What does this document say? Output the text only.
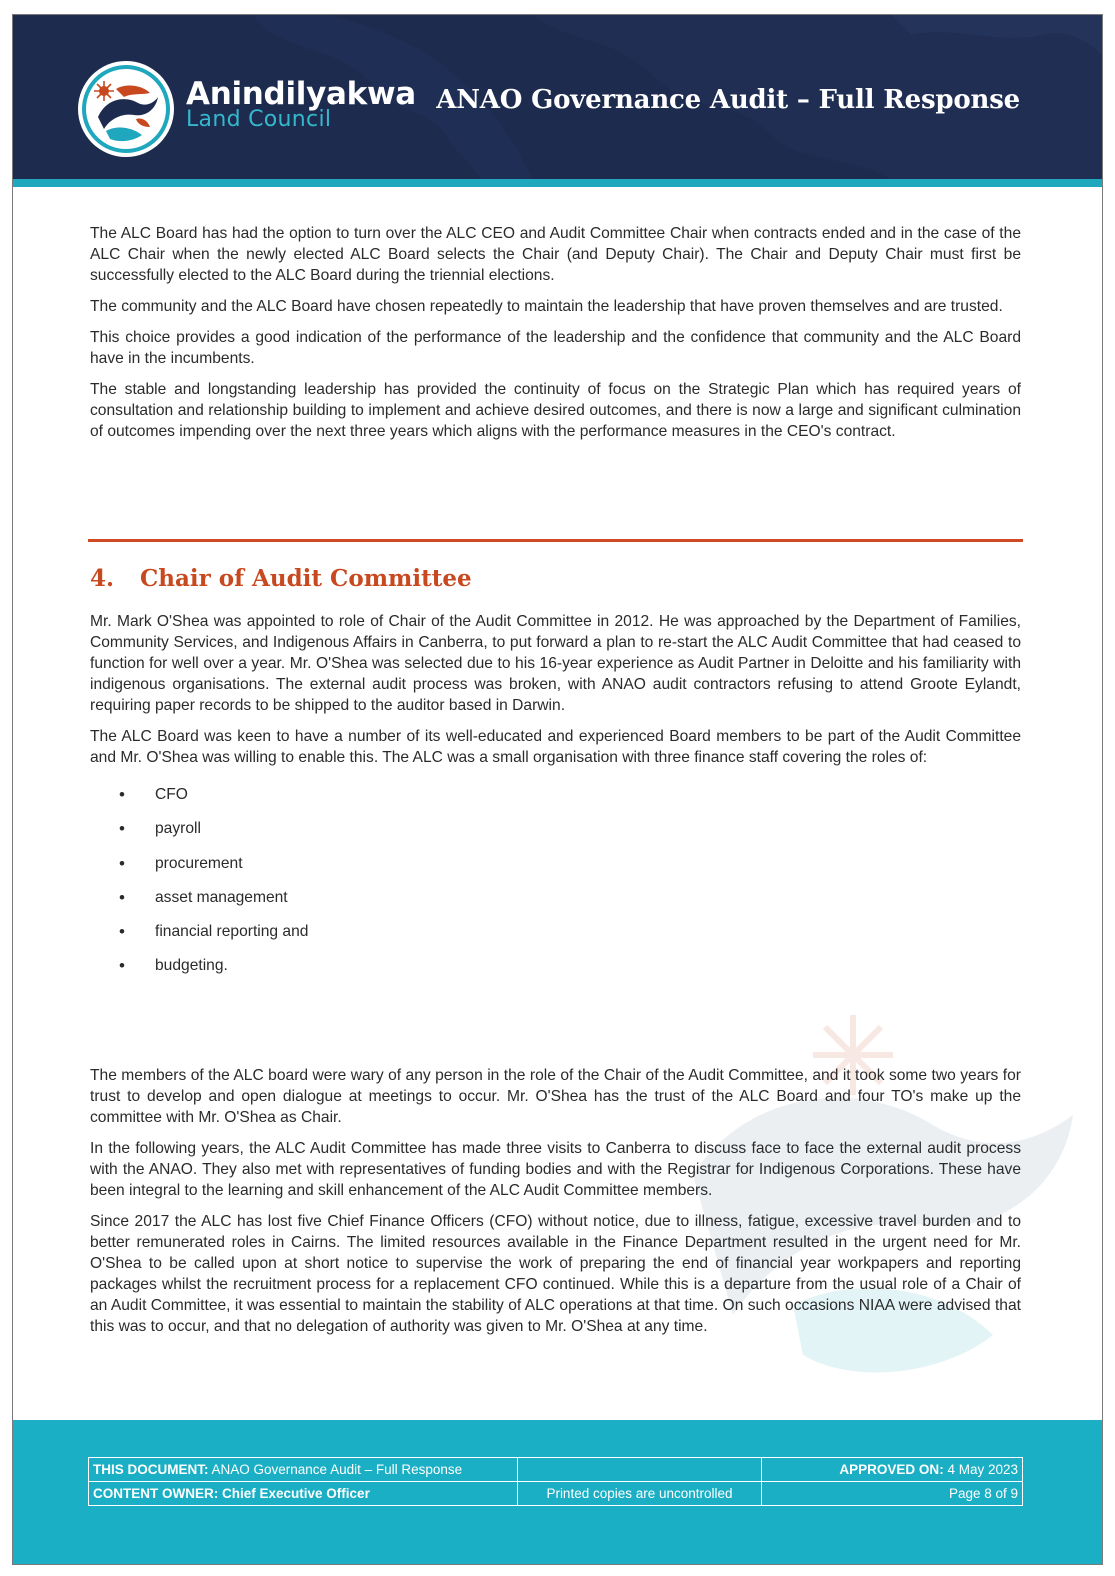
Anindilyakwa
Land Council
ANAO Governance Audit – Full Response

The ALC Board has had the option to turn over the ALC CEO and Audit Committee Chair when contracts ended and in the case of the ALC Chair when the newly elected ALC Board selects the Chair (and Deputy Chair). The Chair and Deputy Chair must first be successfully elected to the ALC Board during the triennial elections.

The community and the ALC Board have chosen repeatedly to maintain the leadership that have proven themselves and are trusted.

This choice provides a good indication of the performance of the leadership and the confidence that community and the ALC Board have in the incumbents.

The stable and longstanding leadership has provided the continuity of focus on the Strategic Plan which has required years of consultation and relationship building to implement and achieve desired outcomes, and there is now a large and significant culmination of outcomes impending over the next three years which aligns with the performance measures in the CEO's contract.

4. Chair of Audit Committee

Mr. Mark O'Shea was appointed to role of Chair of the Audit Committee in 2012. He was approached by the Department of Families, Community Services, and Indigenous Affairs in Canberra, to put forward a plan to re-start the ALC Audit Committee that had ceased to function for well over a year. Mr. O'Shea was selected due to his 16-year experience as Audit Partner in Deloitte and his familiarity with indigenous organisations. The external audit process was broken, with ANAO audit contractors refusing to attend Groote Eylandt, requiring paper records to be shipped to the auditor based in Darwin.

The ALC Board was keen to have a number of its well-educated and experienced Board members to be part of the Audit Committee and Mr. O'Shea was willing to enable this. The ALC was a small organisation with three finance staff covering the roles of:

• CFO
• payroll
• procurement
• asset management
• financial reporting and
• budgeting.

The members of the ALC board were wary of any person in the role of the Chair of the Audit Committee, and it took some two years for trust to develop and open dialogue at meetings to occur. Mr. O'Shea has the trust of the ALC Board and four TO's make up the committee with Mr. O'Shea as Chair.

In the following years, the ALC Audit Committee has made three visits to Canberra to discuss face to face the external audit process with the ANAO. They also met with representatives of funding bodies and with the Registrar for Indigenous Corporations. These have been integral to the learning and skill enhancement of the ALC Audit Committee members.

Since 2017 the ALC has lost five Chief Finance Officers (CFO) without notice, due to illness, fatigue, excessive travel burden and to better remunerated roles in Cairns. The limited resources available in the Finance Department resulted in the urgent need for Mr. O'Shea to be called upon at short notice to supervise the work of preparing the end of financial year workpapers and reporting packages whilst the recruitment process for a replacement CFO continued. While this is a departure from the usual role of a Chair of an Audit Committee, it was essential to maintain the stability of ALC operations at that time. On such occasions NIAA were advised that this was to occur, and that no delegation of authority was given to Mr. O'Shea at any time.

THIS DOCUMENT: ANAO Governance Audit – Full Response		APPROVED ON: 4 May 2023
CONTENT OWNER: Chief Executive Officer	Printed copies are uncontrolled	Page 8 of 9
